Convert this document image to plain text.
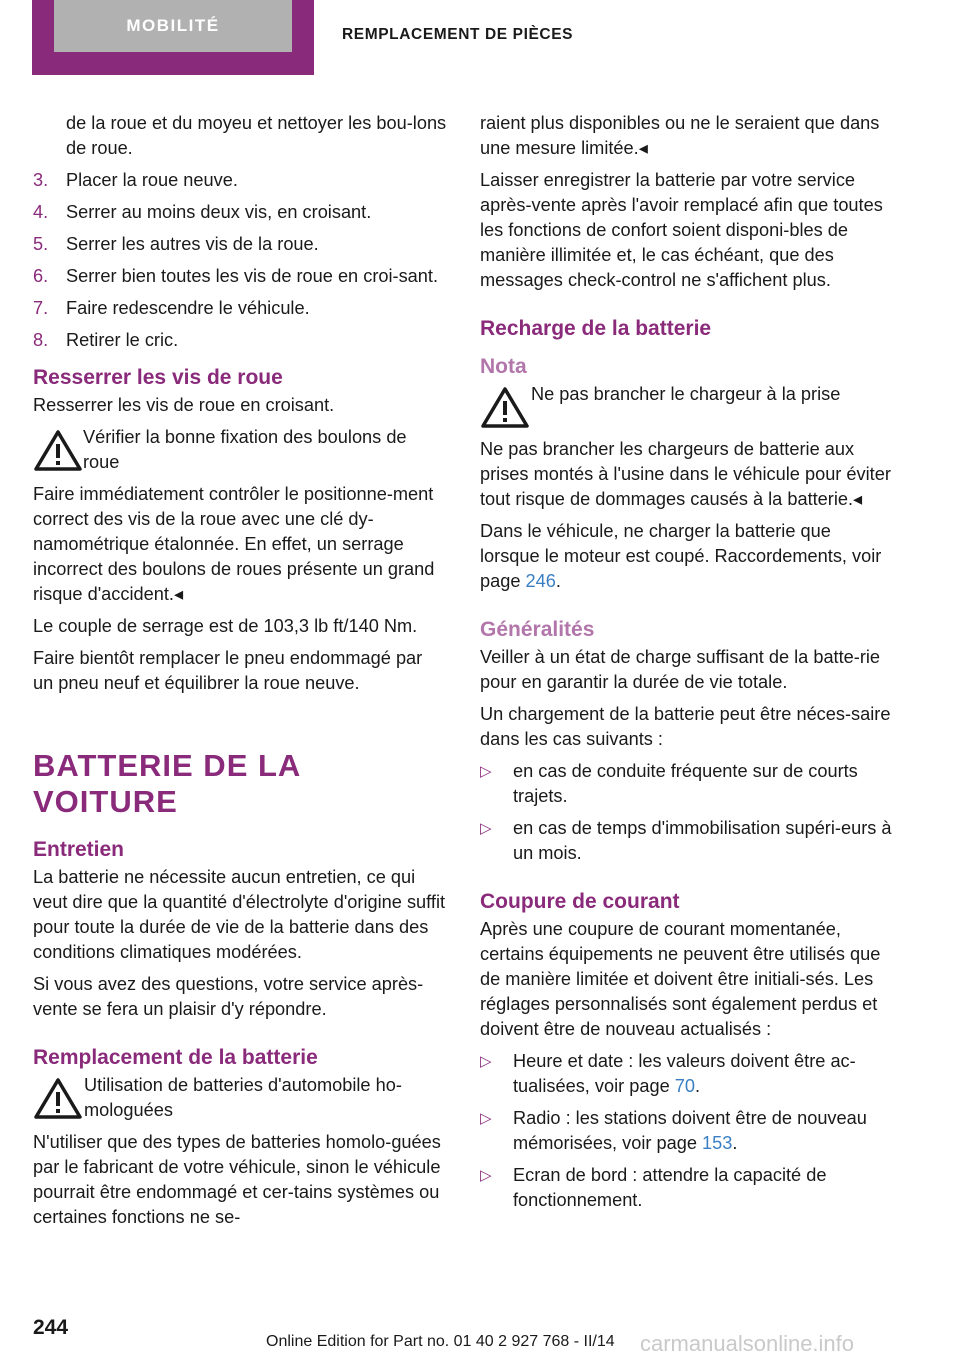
MOBILITÉ	REMPLACEMENT DE PIÈCES
de la roue et du moyeu et nettoyer les bou‐lons de roue.
3. Placer la roue neuve.
4. Serrer au moins deux vis, en croisant.
5. Serrer les autres vis de la roue.
6. Serrer bien toutes les vis de roue en croi‐sant.
7. Faire redescendre le véhicule.
8. Retirer le cric.
Resserrer les vis de roue

Resserrer les vis de roue en croisant.

Vérifier la bonne fixation des boulons de roue

Faire immédiatement contrôler le positionne‐ment correct des vis de la roue avec une clé dy‐namométrique étalonnée. En effet, un serrage incorrect des boulons de roues présente un grand risque d'accident.◂

Le couple de serrage est de 103,3 lb ft/140 Nm.

Faire bientôt remplacer le pneu endommagé par un pneu neuf et équilibrer la roue neuve.

BATTERIE DE LA VOITURE
Entretien

La batterie ne nécessite aucun entretien, ce qui veut dire que la quantité d'électrolyte d'origine suffit pour toute la durée de vie de la batterie dans des conditions climatiques modérées.

Si vous avez des questions, votre service après-vente se fera un plaisir d'y répondre.

Remplacement de la batterie
Utilisation de batteries d'automobile ho‐mologuées

N'utiliser que des types de batteries homolo‐guées par le fabricant de votre véhicule, sinon le véhicule pourrait être endommagé et cer‐tains systèmes ou certaines fonctions ne se‐

raient plus disponibles ou ne le seraient que dans une mesure limitée.◂

Laisser enregistrer la batterie par votre service après-vente après l'avoir remplacé afin que toutes les fonctions de confort soient disponi‐bles de manière illimitée et, le cas échéant, que des messages check-control ne s'affichent plus.

Recharge de la batterie
Nota
Ne pas brancher le chargeur à la prise

Ne pas brancher les chargeurs de batterie aux prises montés à l'usine dans le véhicule pour éviter tout risque de dommages causés à la batterie.◂

Dans le véhicule, ne charger la batterie que lorsque le moteur est coupé. Raccordements, voir page 246.

Généralités

Veiller à un état de charge suffisant de la batte‐rie pour en garantir la durée de vie totale.

Un chargement de la batterie peut être néces‐saire dans les cas suivants :

▷	en cas de conduite fréquente sur de courts trajets.
▷	en cas de temps d'immobilisation supéri‐eurs à un mois.
Coupure de courant

Après une coupure de courant momentanée, certains équipements ne peuvent être utilisés que de manière limitée et doivent être initiali‐sés. Les réglages personnalisés sont également perdus et doivent être de nouveau actualisés :

▷	Heure et date : les valeurs doivent être ac‐tualisées, voir page 70.
▷	Radio : les stations doivent être de nouveau mémorisées, voir page 153.
▷	Ecran de bord : attendre la capacité de fonctionnement.
244
Online Edition for Part no. 01 40 2 927 768 - II/14 carmanualsonline.info
